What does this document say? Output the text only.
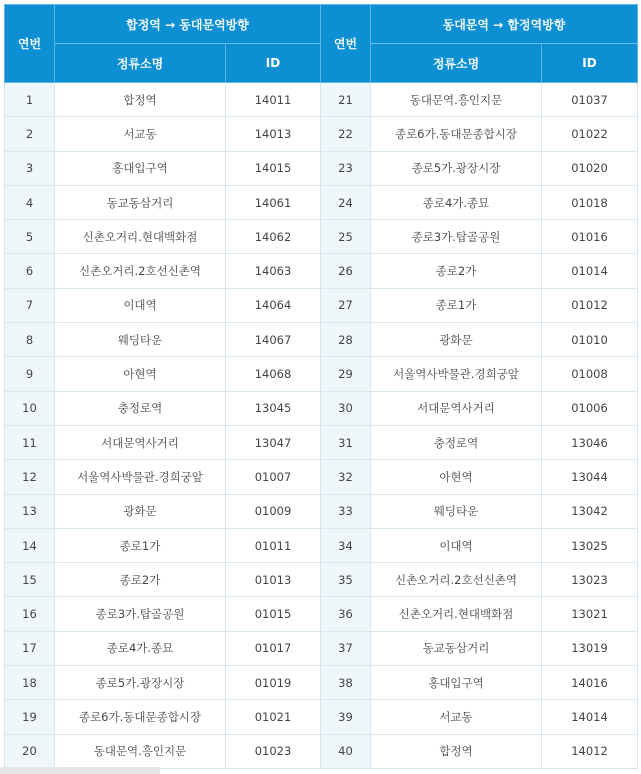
연번	합정역 → 동대문역방향		연번	동대문역 → 합정역방향	
	정류소명	ID		정류소명	ID
1	합정역	14011	21	동대문역.흥인지문	01037
2	서교동	14013	22	종로6가.동대문종합시장	01022
3	홍대입구역	14015	23	종로5가.광장시장	01020
4	동교동삼거리	14061	24	종로4가.종묘	01018
5	신촌오거리.현대백화점	14062	25	종로3가.탑골공원	01016
6	신촌오거리.2호선신촌역	14063	26	종로2가	01014
7	이대역	14064	27	종로1가	01012
8	웨딩타운	14067	28	광화문	01010
9	아현역	14068	29	서울역사박물관.경희궁앞	01008
10	충정로역	13045	30	서대문역사거리	01006
11	서대문역사거리	13047	31	충정로역	13046
12	서울역사박물관.경희궁앞	01007	32	아현역	13044
13	광화문	01009	33	웨딩타운	13042
14	종로1가	01011	34	이대역	13025
15	종로2가	01013	35	신촌오거리.2호선신촌역	13023
16	종로3가.탑골공원	01015	36	신촌오거리.현대백화점	13021
17	종로4가.종묘	01017	37	동교동삼거리	13019
18	종로5가.광장시장	01019	38	홍대입구역	14016
19	종로6가.동대문종합시장	01021	39	서교동	14014
20	동대문역.흥인지문	01023	40	합정역	14012
